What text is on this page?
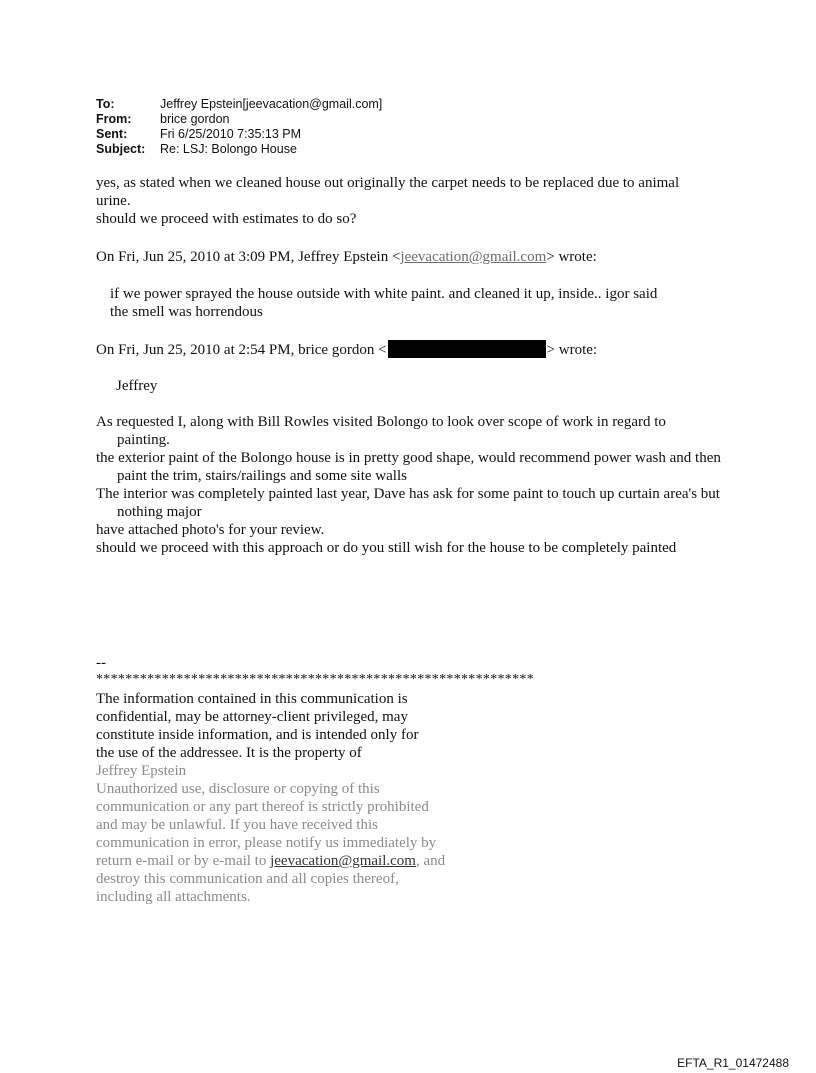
To:	Jeffrey Epstein[jeevacation@gmail.com]
From:	brice gordon
Sent:	Fri 6/25/2010 7:35:13 PM
Subject:	Re: LSJ: Bolongo House
yes, as stated when we cleaned house out originally the carpet needs to be replaced due to animal
urine.
should we proceed with estimates to do so?
On Fri, Jun 25, 2010 at 3:09 PM, Jeffrey Epstein <jeevacation@gmail.com> wrote:
if we power sprayed the house outside with white paint. and cleaned it up, inside.. igor said
the smell was horrendous
On Fri, Jun 25, 2010 at 2:54 PM, brice gordon <	> wrote:
Jeffrey
As requested I, along with Bill Rowles visited Bolongo to look over scope of work in regard to painting.
the exterior paint of the Bolongo house is in pretty good shape, would recommend power wash and then paint the trim, stairs/railings and some site walls
The interior was completely painted last year, Dave has ask for some paint to touch up curtain area's but nothing major
have attached photo's for your review.
should we proceed with this approach or do you still wish for the house to be completely painted
--
************************************************************
The information contained in this communication is
confidential, may be attorney-client privileged, may
constitute inside information, and is intended only for
the use of the addressee. It is the property of
Jeffrey Epstein
Unauthorized use, disclosure or copying of this
communication or any part thereof is strictly prohibited
and may be unlawful. If you have received this
communication in error, please notify us immediately by
return e-mail or by e-mail to jeevacation@gmail.com, and
destroy this communication and all copies thereof,
including all attachments.
EFTA_R1_01472488
